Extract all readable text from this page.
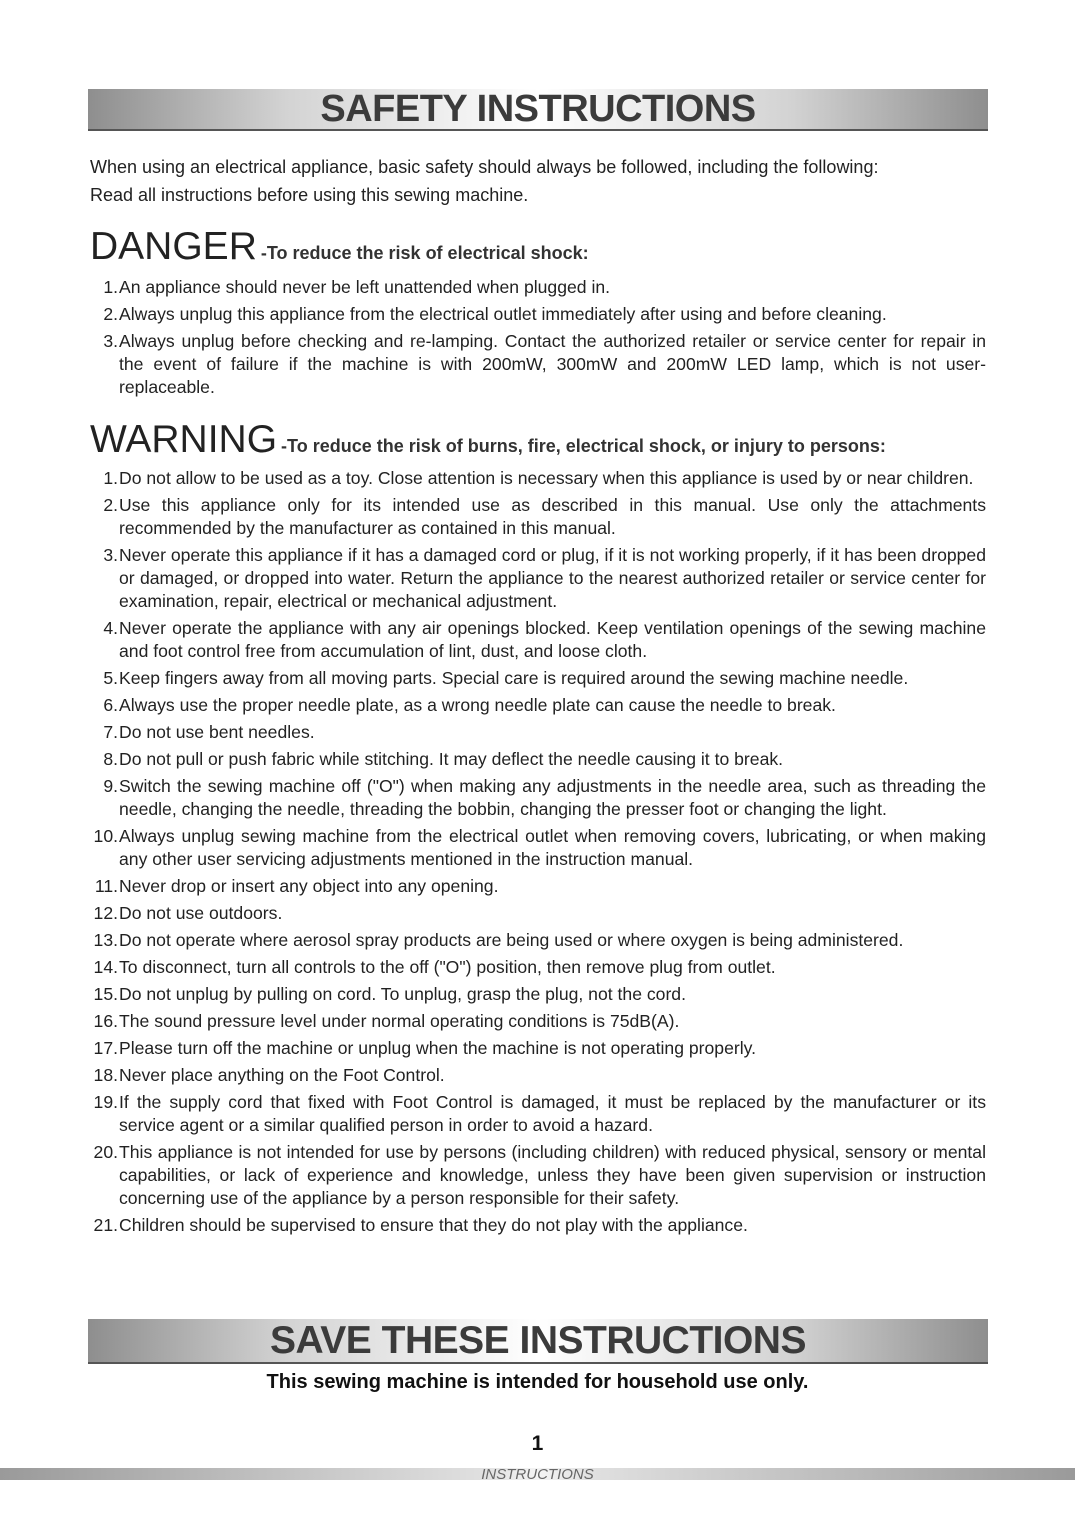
SAFETY INSTRUCTIONS
When using an electrical appliance, basic safety should always be followed, including the following:
Read all instructions before using this sewing machine.
DANGER -To reduce the risk of electrical shock:
1. An appliance should never be left unattended when plugged in.
2. Always unplug this appliance from the electrical outlet immediately after using and before cleaning.
3. Always unplug before checking and re-lamping. Contact the authorized retailer or service center for repair in the event of failure if the machine is with 200mW, 300mW and 200mW LED lamp, which is not user-replaceable.
WARNING -To reduce the risk of burns, fire, electrical shock, or injury to persons:
1. Do not allow to be used as a toy. Close attention is necessary when this appliance is used by or near children.
2. Use this appliance only for its intended use as described in this manual. Use only the attachments recommended by the manufacturer as contained in this manual.
3. Never operate this appliance if it has a damaged cord or plug, if it is not working properly, if it has been dropped or damaged, or dropped into water. Return the appliance to the nearest authorized retailer or service center for examination, repair, electrical or mechanical adjustment.
4. Never operate the appliance with any air openings blocked. Keep ventilation openings of the sewing machine and foot control free from accumulation of lint, dust, and loose cloth.
5. Keep fingers away from all moving parts. Special care is required around the sewing machine needle.
6. Always use the proper needle plate, as a wrong needle plate can cause the needle to break.
7. Do not use bent needles.
8. Do not pull or push fabric while stitching. It may deflect the needle causing it to break.
9. Switch the sewing machine off ("O") when making any adjustments in the needle area, such as threading the needle, changing the needle, threading the bobbin, changing the presser foot or changing the light.
10. Always unplug sewing machine from the electrical outlet when removing covers, lubricating, or when making any other user servicing adjustments mentioned in the instruction manual.
11. Never drop or insert any object into any opening.
12. Do not use outdoors.
13. Do not operate where aerosol spray products are being used or where oxygen is being administered.
14. To disconnect, turn all controls to the off ("O") position, then remove plug from outlet.
15. Do not unplug by pulling on cord. To unplug, grasp the plug, not the cord.
16. The sound pressure level under normal operating conditions is 75dB(A).
17. Please turn off the machine or unplug when the machine is not operating properly.
18. Never place anything on the Foot Control.
19. If the supply cord that fixed with Foot Control is damaged, it must be replaced by the manufacturer or its service agent or a similar qualified person in order to avoid a hazard.
20. This appliance is not intended for use by persons (including children) with reduced physical, sensory or mental capabilities, or lack of experience and knowledge, unless they have been given supervision or instruction concerning use of the appliance by a person responsible for their safety.
21. Children should be supervised to ensure that they do not play with the appliance.
SAVE THESE INSTRUCTIONS
This sewing machine is intended for household use only.
1
INSTRUCTIONS
